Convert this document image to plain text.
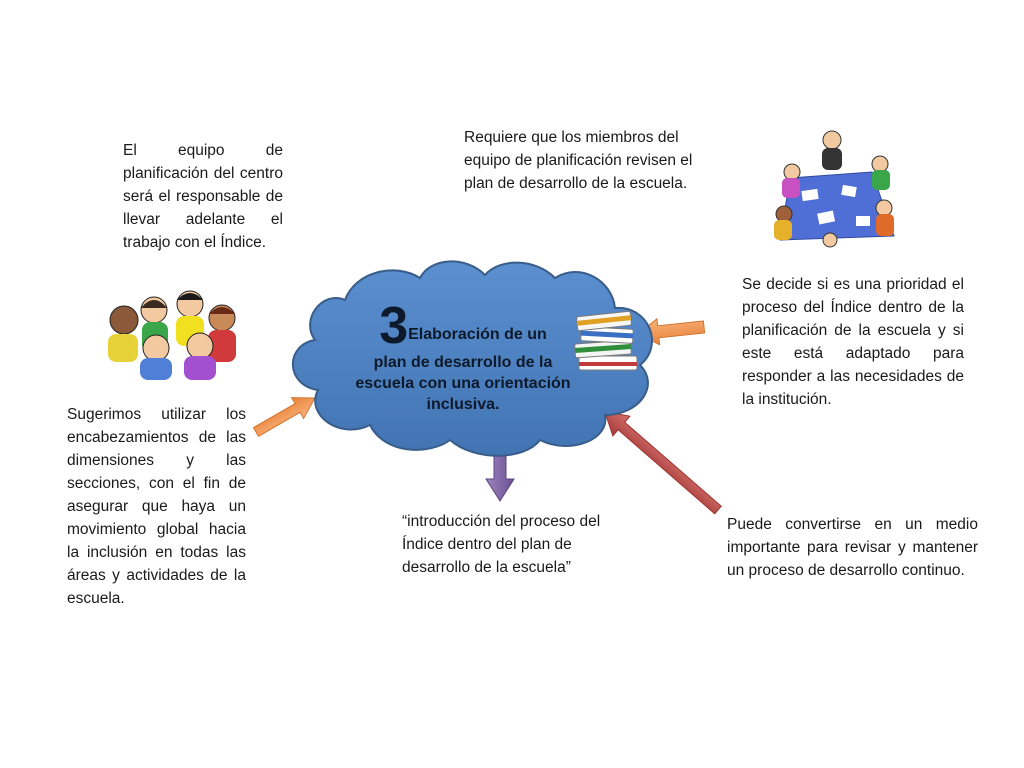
3Elaboración de un
plan de desarrollo de la escuela con una orientación inclusiva.

El equipo de planificación del centro será el responsable de llevar adelante el trabajo con el Índice.

Requiere que los miembros del equipo de planificación revisen el plan de desarrollo de la escuela.

Se decide si es una prioridad el proceso del Índice dentro de la planificación de la escuela y si este está adaptado para responder a las necesidades de la institución.

Sugerimos utilizar los encabezamientos de las dimensiones y las secciones, con el fin de asegurar que haya un movimiento global hacia la inclusión en todas las áreas y actividades de la escuela.

“introducción del proceso del Índice dentro del plan de desarrollo de la escuela”

Puede convertirse en un medio importante para revisar y mantener un proceso de desarrollo continuo.
